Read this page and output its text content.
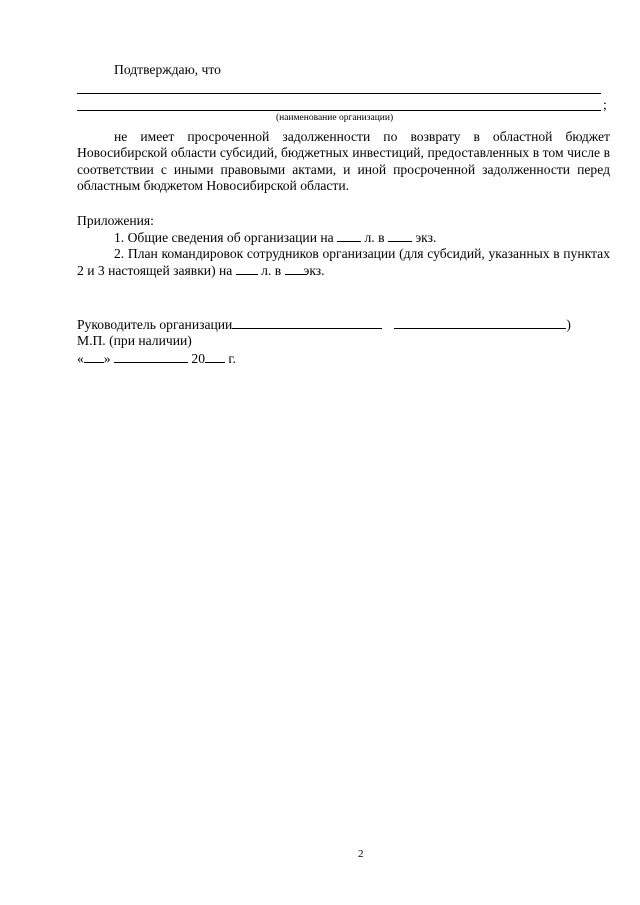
Подтверждаю, что
;
(наименование организации)

не имеет просроченной задолженности по возврату в областной бюджет Новосибирской области субсидий, бюджетных инвестиций, предоставленных в том числе в соответствии с иными правовыми актами, и иной просроченной задолженности перед областным бюджетом Новосибирской области.

Приложения:
1. Общие сведения об организации на л. в экз.

2. План командировок сотрудников организации (для субсидий, указанных в пунктах 2 и 3 настоящей заявки) на л. в экз.

Руководитель организации	)
М.П. (при наличии)
« »	20 г.
2
